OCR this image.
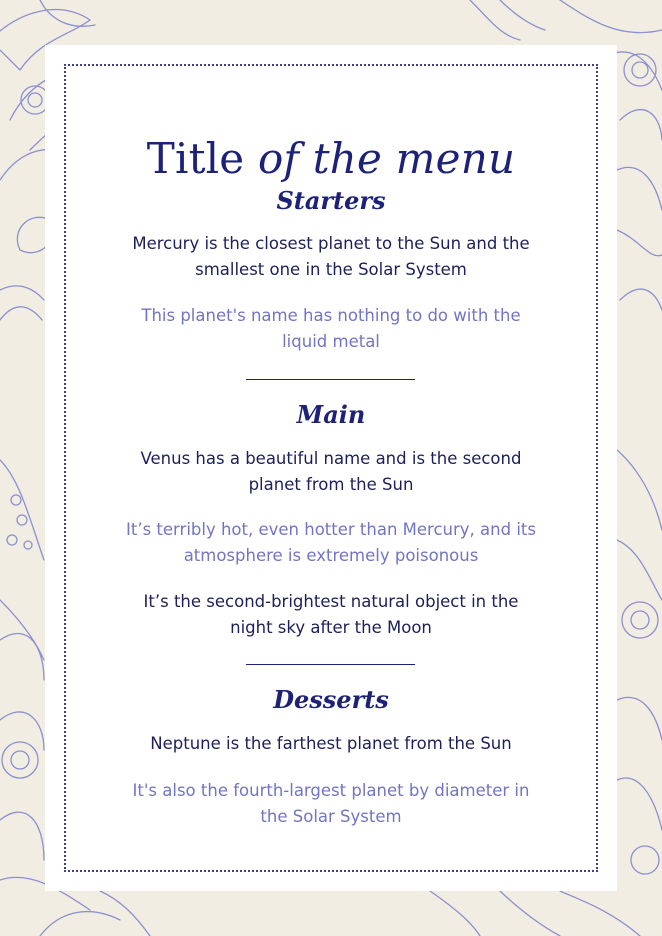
Title of the menu
Starters
Mercury is the closest planet to the Sun and the smallest one in the Solar System
This planet's name has nothing to do with the liquid metal
Main
Venus has a beautiful name and is the second planet from the Sun
It’s terribly hot, even hotter than Mercury, and its atmosphere is extremely poisonous
It’s the second-brightest natural object in the night sky after the Moon
Desserts
Neptune is the farthest planet from the Sun
It's also the fourth-largest planet by diameter in the Solar System
